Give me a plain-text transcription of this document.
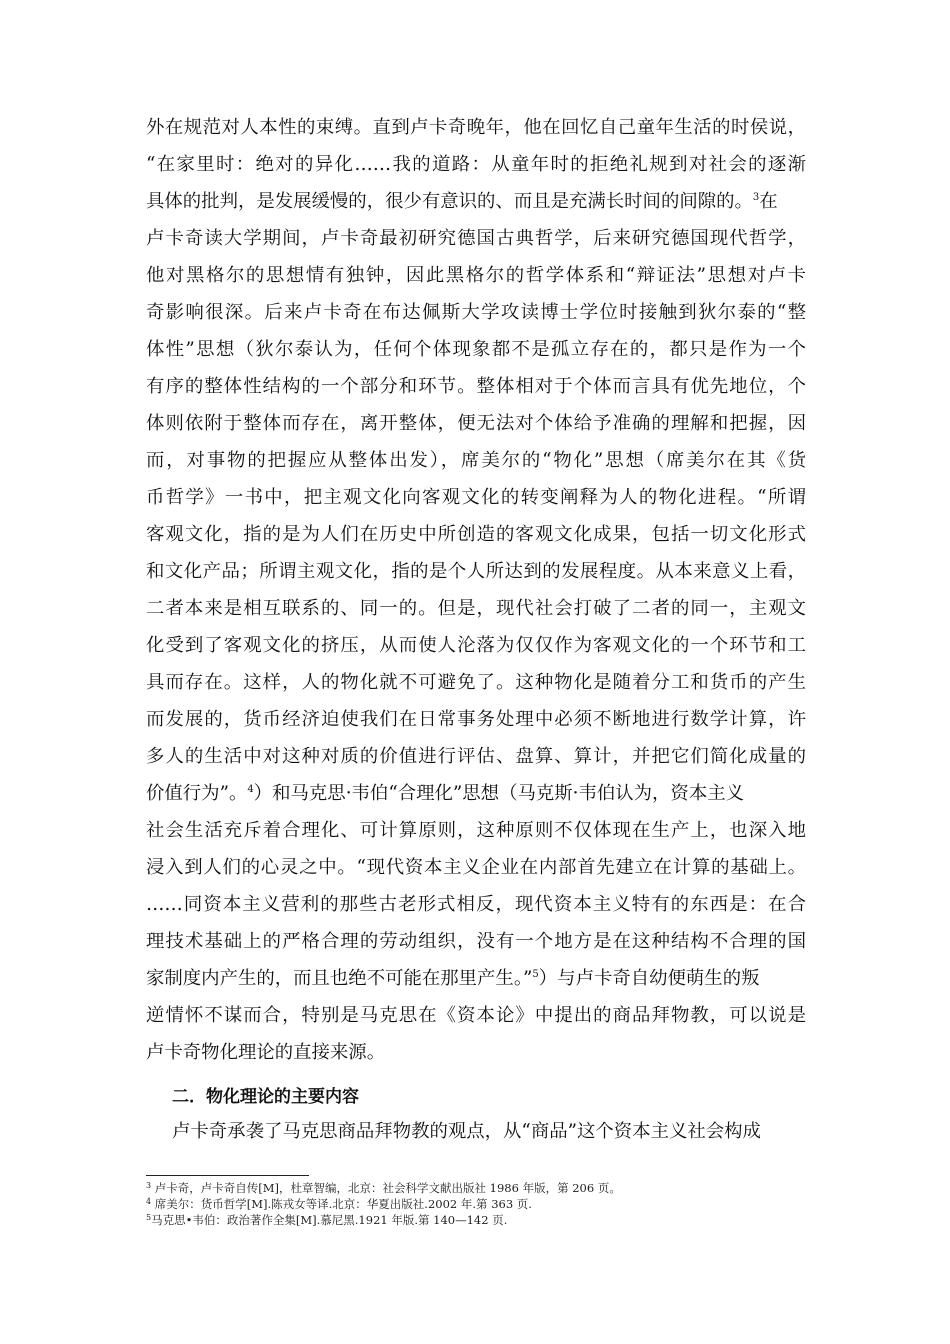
外在规范对人本性的束缚。直到卢卡奇晚年，他在回忆自己童年生活的时侯说，
“在家里时：绝对的异化……我的道路：从童年时的拒绝礼规到对社会的逐渐
具体的批判，是发展缓慢的，很少有意识的、而且是充满长时间的间隙的。$^3$在
卢卡奇读大学期间，卢卡奇最初研究德国古典哲学，后来研究德国现代哲学，
他对黑格尔的思想情有独钟，因此黑格尔的哲学体系和“辩证法”思想对卢卡
奇影响很深。后来卢卡奇在布达佩斯大学攻读博士学位时接触到狄尔泰的“整
体性”思想（狄尔泰认为，任何个体现象都不是孤立存在的，都只是作为一个
有序的整体性结构的一个部分和环节。整体相对于个体而言具有优先地位，个
体则依附于整体而存在，离开整体，便无法对个体给予准确的理解和把握，因
而，对事物的把握应从整体出发），席美尔的“物化”思想（席美尔在其《货
币哲学》一书中，把主观文化向客观文化的转变阐释为人的物化进程。“所谓
客观文化，指的是为人们在历史中所创造的客观文化成果，包括一切文化形式
和文化产品；所谓主观文化，指的是个人所达到的发展程度。从本来意义上看，
二者本来是相互联系的、同一的。但是，现代社会打破了二者的同一，主观文
化受到了客观文化的挤压，从而使人沦落为仅仅作为客观文化的一个环节和工
具而存在。这样，人的物化就不可避免了。这种物化是随着分工和货币的产生
而发展的，货币经济迫使我们在日常事务处理中必须不断地进行数学计算，许
多人的生活中对这种对质的价值进行评估、盘算、算计，并把它们简化成量的
价值行为”。$^4$）和马克思·韦伯“合理化”思想（马克斯·韦伯认为，资本主义
社会生活充斥着合理化、可计算原则，这种原则不仅体现在生产上，也深入地
浸入到人们的心灵之中。“现代资本主义企业在内部首先建立在计算的基础上。
……同资本主义营利的那些古老形式相反，现代资本主义特有的东西是：在合
理技术基础上的严格合理的劳动组织，没有一个地方是在这种结构不合理的国
家制度内产生的，而且也绝不可能在那里产生。”$^5$）与卢卡奇自幼便萌生的叛
逆情怀不谋而合，特别是马克思在《资本论》中提出的商品拜物教，可以说是
卢卡奇物化理论的直接来源。
二．物化理论的主要内容
卢卡奇承袭了马克思商品拜物教的观点，从“商品”这个资本主义社会构成
$^3$ 卢卡奇，卢卡奇自传[M]，杜章智编，北京：社会科学文献出版社 1986 年版，第 206 页。
$^4$ 席美尔：货币哲学[M].陈戎女等译.北京：华夏出版社.2002 年.第 363 页.
$^5$马克思•韦伯：政治著作全集[M].慕尼黑.1921 年版.第 140—142 页.
